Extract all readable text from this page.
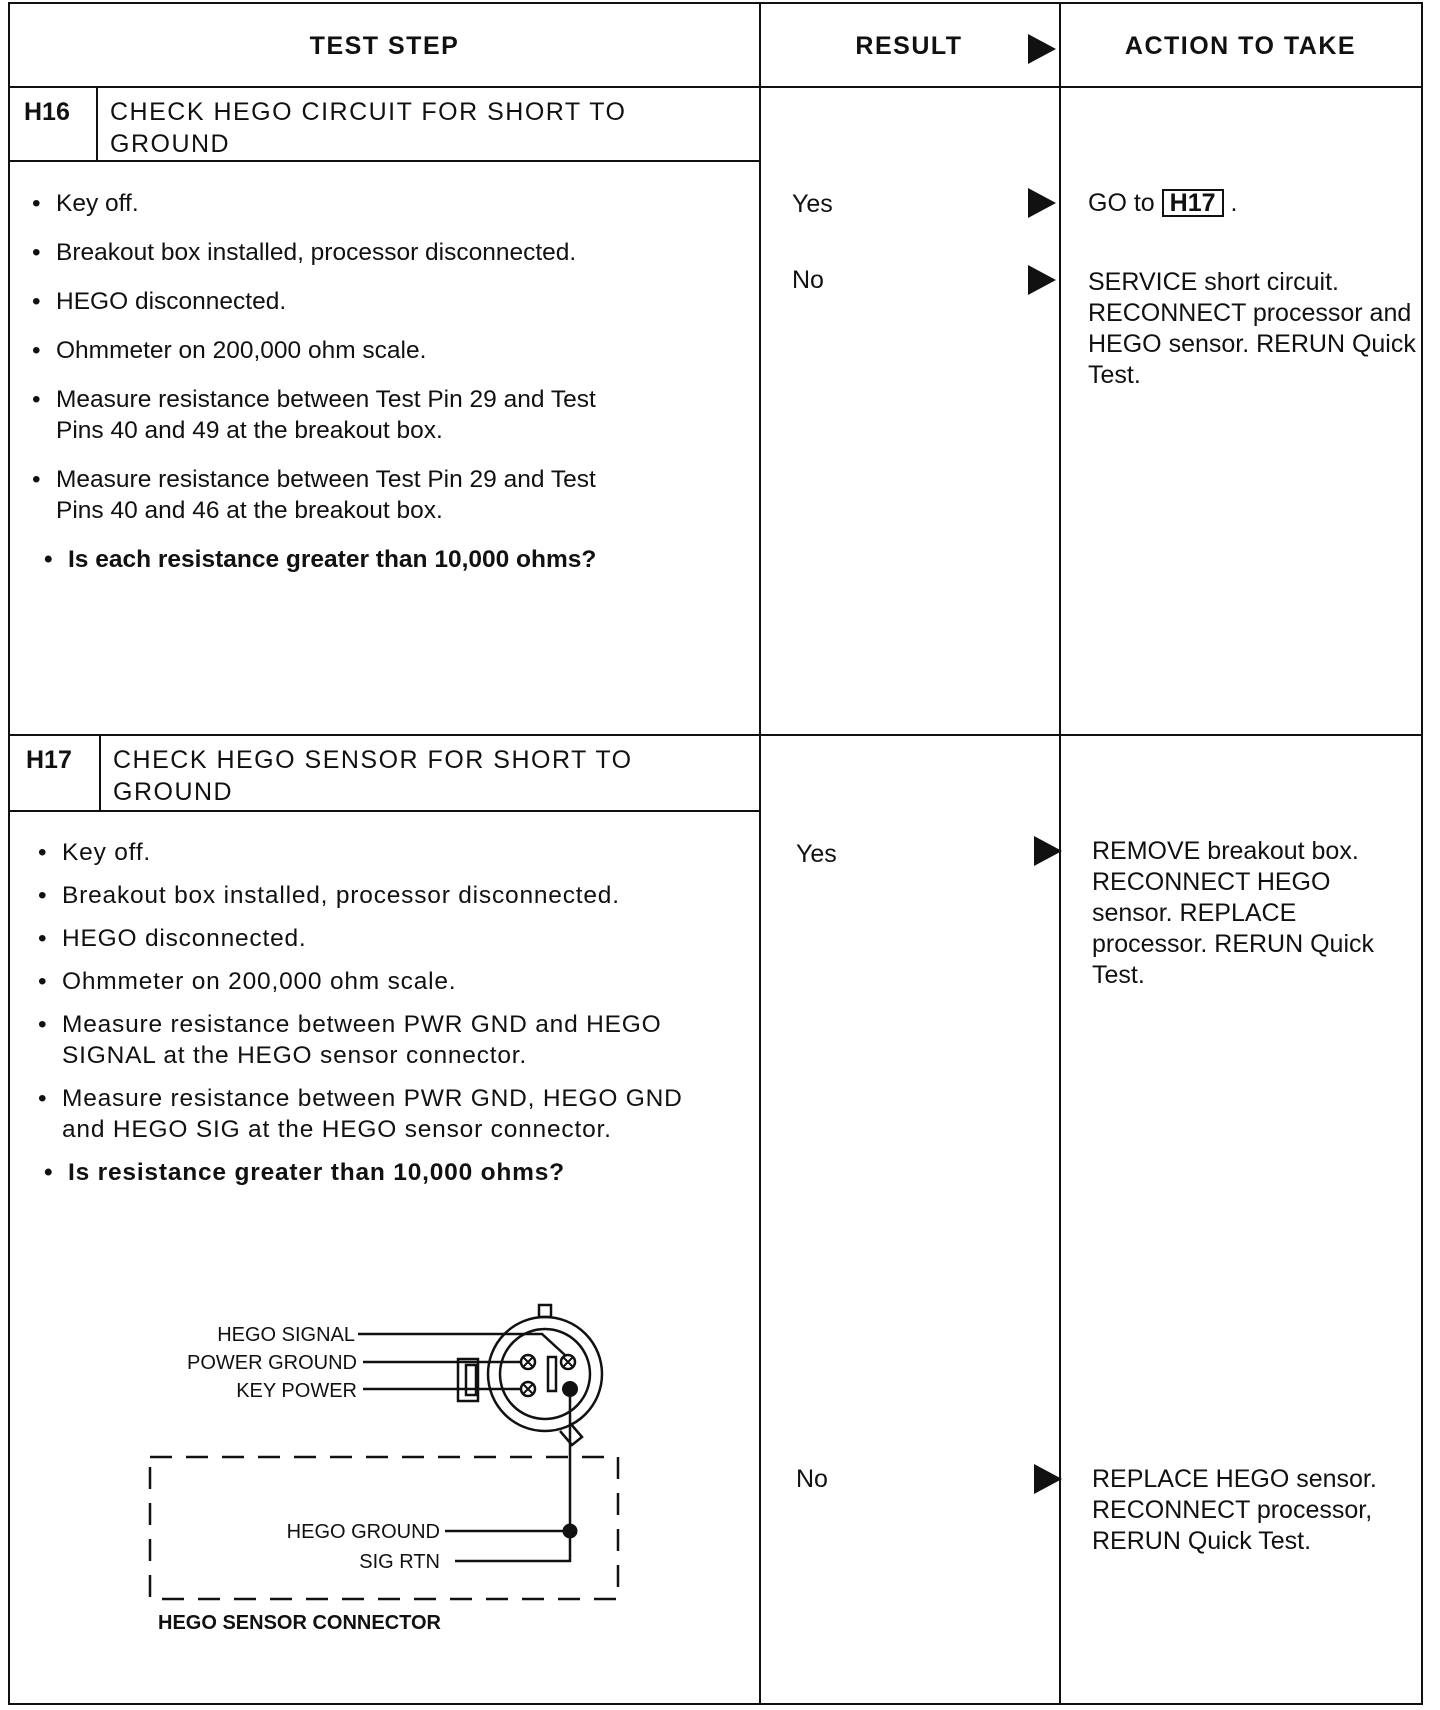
TEST STEP	RESULT	ACTION TO TAKE
H16 CHECK HEGO CIRCUIT FOR SHORT TO GROUND
• Key off.
• Breakout box installed, processor disconnected.
• HEGO disconnected.
• Ohmmeter on 200,000 ohm scale.
• Measure resistance between Test Pin 29 and Test Pins 40 and 49 at the breakout box.
• Measure resistance between Test Pin 29 and Test Pins 40 and 46 at the breakout box.
• Is each resistance greater than 10,000 ohms?
Yes	GO to H17 .
No	SERVICE short circuit. RECONNECT processor and HEGO sensor. RERUN Quick Test.
H17 CHECK HEGO SENSOR FOR SHORT TO GROUND
• Key off.
• Breakout box installed, processor disconnected.
• HEGO disconnected.
• Ohmmeter on 200,000 ohm scale.
• Measure resistance between PWR GND and HEGO SIGNAL at the HEGO sensor connector.
• Measure resistance between PWR GND, HEGO GND and HEGO SIG at the HEGO sensor connector.
• Is resistance greater than 10,000 ohms?
Yes	REMOVE breakout box. RECONNECT HEGO sensor. REPLACE processor. RERUN Quick Test.
No	REPLACE HEGO sensor. RECONNECT processor, RERUN Quick Test.
HEGO SIGNAL
POWER GROUND
KEY POWER
HEGO GROUND
SIG RTN
HEGO SENSOR CONNECTOR
